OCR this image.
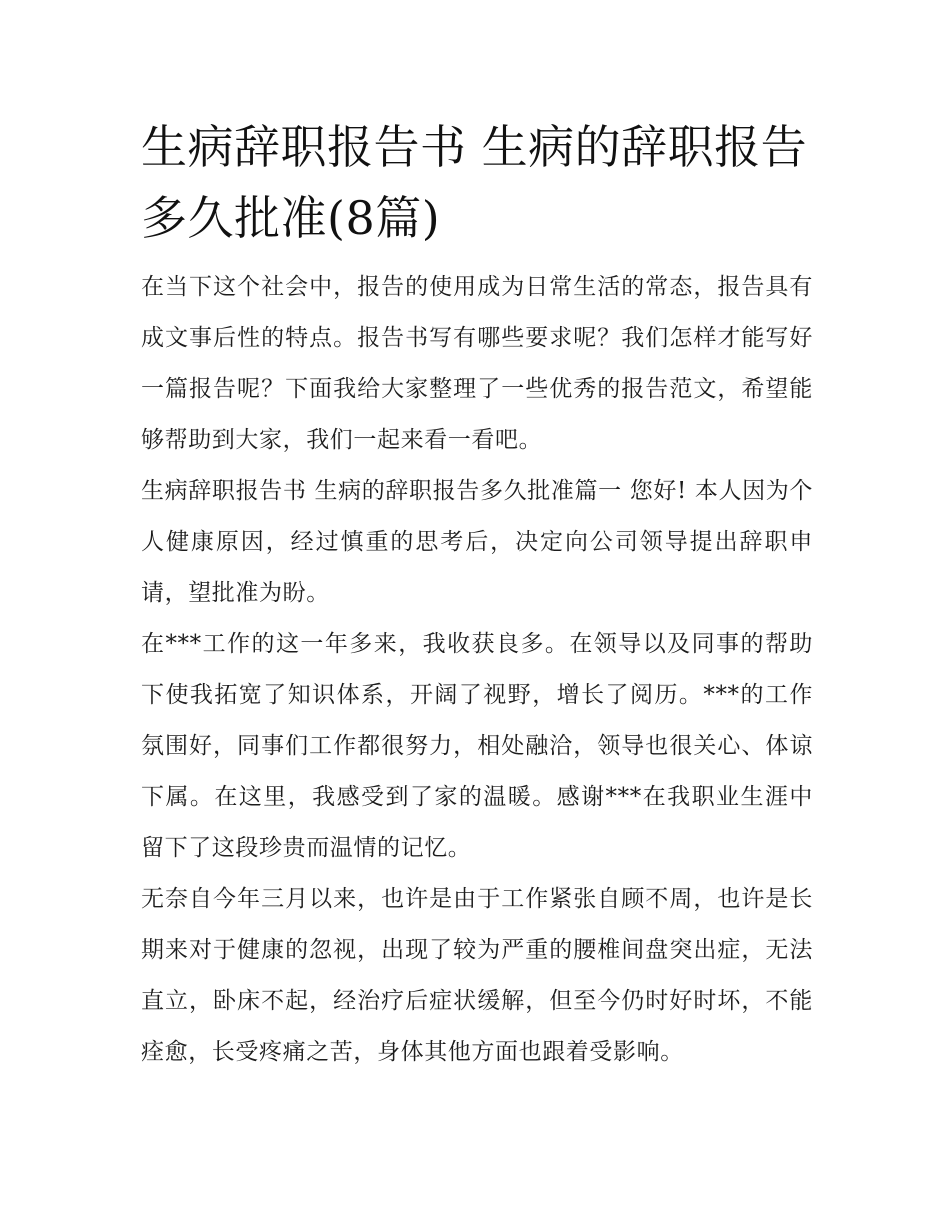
生病辞职报告书 生病的辞职报告多久批准(8篇)

在当下这个社会中，报告的使用成为日常生活的常态，报告具有成文事后性的特点。报告书写有哪些要求呢？我们怎样才能写好一篇报告呢？下面我给大家整理了一些优秀的报告范文，希望能够帮助到大家，我们一起来看一看吧。

生病辞职报告书 生病的辞职报告多久批准篇一 您好! 本人因为个人健康原因，经过慎重的思考后，决定向公司领导提出辞职申请，望批准为盼。

在***工作的这一年多来，我收获良多。在领导以及同事的帮助下使我拓宽了知识体系，开阔了视野，增长了阅历。***的工作氛围好，同事们工作都很努力，相处融洽，领导也很关心、体谅下属。在这里，我感受到了家的温暖。感谢***在我职业生涯中留下了这段珍贵而温情的记忆。

无奈自今年三月以来，也许是由于工作紧张自顾不周，也许是长期来对于健康的忽视，出现了较为严重的腰椎间盘突出症，无法直立，卧床不起，经治疗后症状缓解，但至今仍时好时坏，不能痊愈，长受疼痛之苦，身体其他方面也跟着受影响。
